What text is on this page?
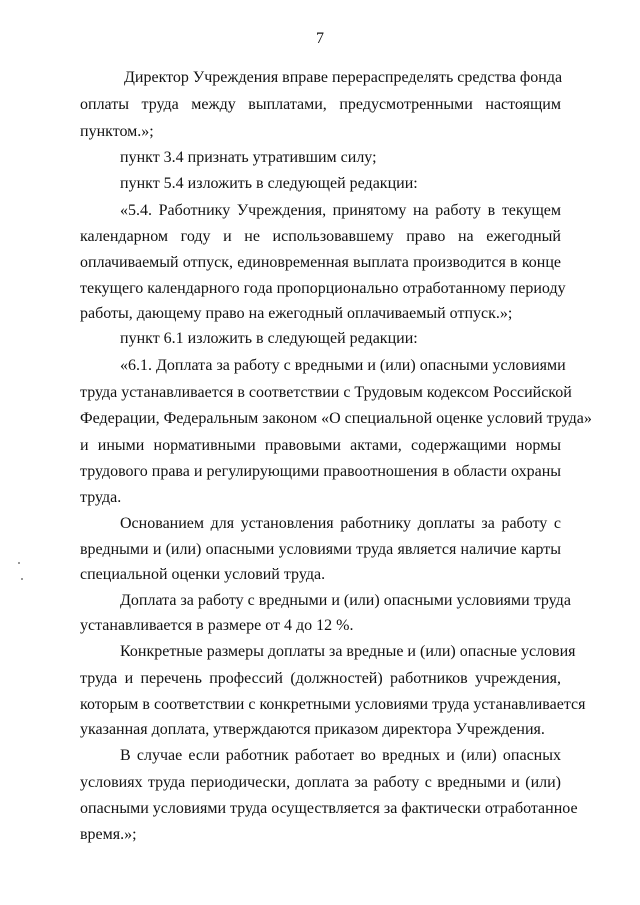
7
Директор Учреждения вправе перераспределять средства фонда
оплаты труда между выплатами, предусмотренными настоящим
пунктом.»;
пункт 3.4 признать утратившим силу;
пункт 5.4 изложить в следующей редакции:
«5.4. Работнику Учреждения, принятому на работу в текущем
календарном году и не использовавшему право на ежегодный
оплачиваемый отпуск, единовременная выплата производится в конце
текущего календарного года пропорционально отработанному периоду
работы, дающему право на ежегодный оплачиваемый отпуск.»;
пункт 6.1 изложить в следующей редакции:
«6.1. Доплата за работу с вредными и (или) опасными условиями
труда устанавливается в соответствии с Трудовым кодексом Российской
Федерации, Федеральным законом «О специальной оценке условий труда»
и иными нормативными правовыми актами, содержащими нормы
трудового права и регулирующими правоотношения в области охраны
труда.
Основанием для установления работнику доплаты за работу с
вредными и (или) опасными условиями труда является наличие карты
специальной оценки условий труда.
Доплата за работу с вредными и (или) опасными условиями труда
устанавливается в размере от 4 до 12 %.
Конкретные размеры доплаты за вредные и (или) опасные условия
труда и перечень профессий (должностей) работников учреждения,
которым в соответствии с конкретными условиями труда устанавливается
указанная доплата, утверждаются приказом директора Учреждения.
В случае если работник работает во вредных и (или) опасных
условиях труда периодически, доплата за работу с вредными и (или)
опасными условиями труда осуществляется за фактически отработанное
время.»;
